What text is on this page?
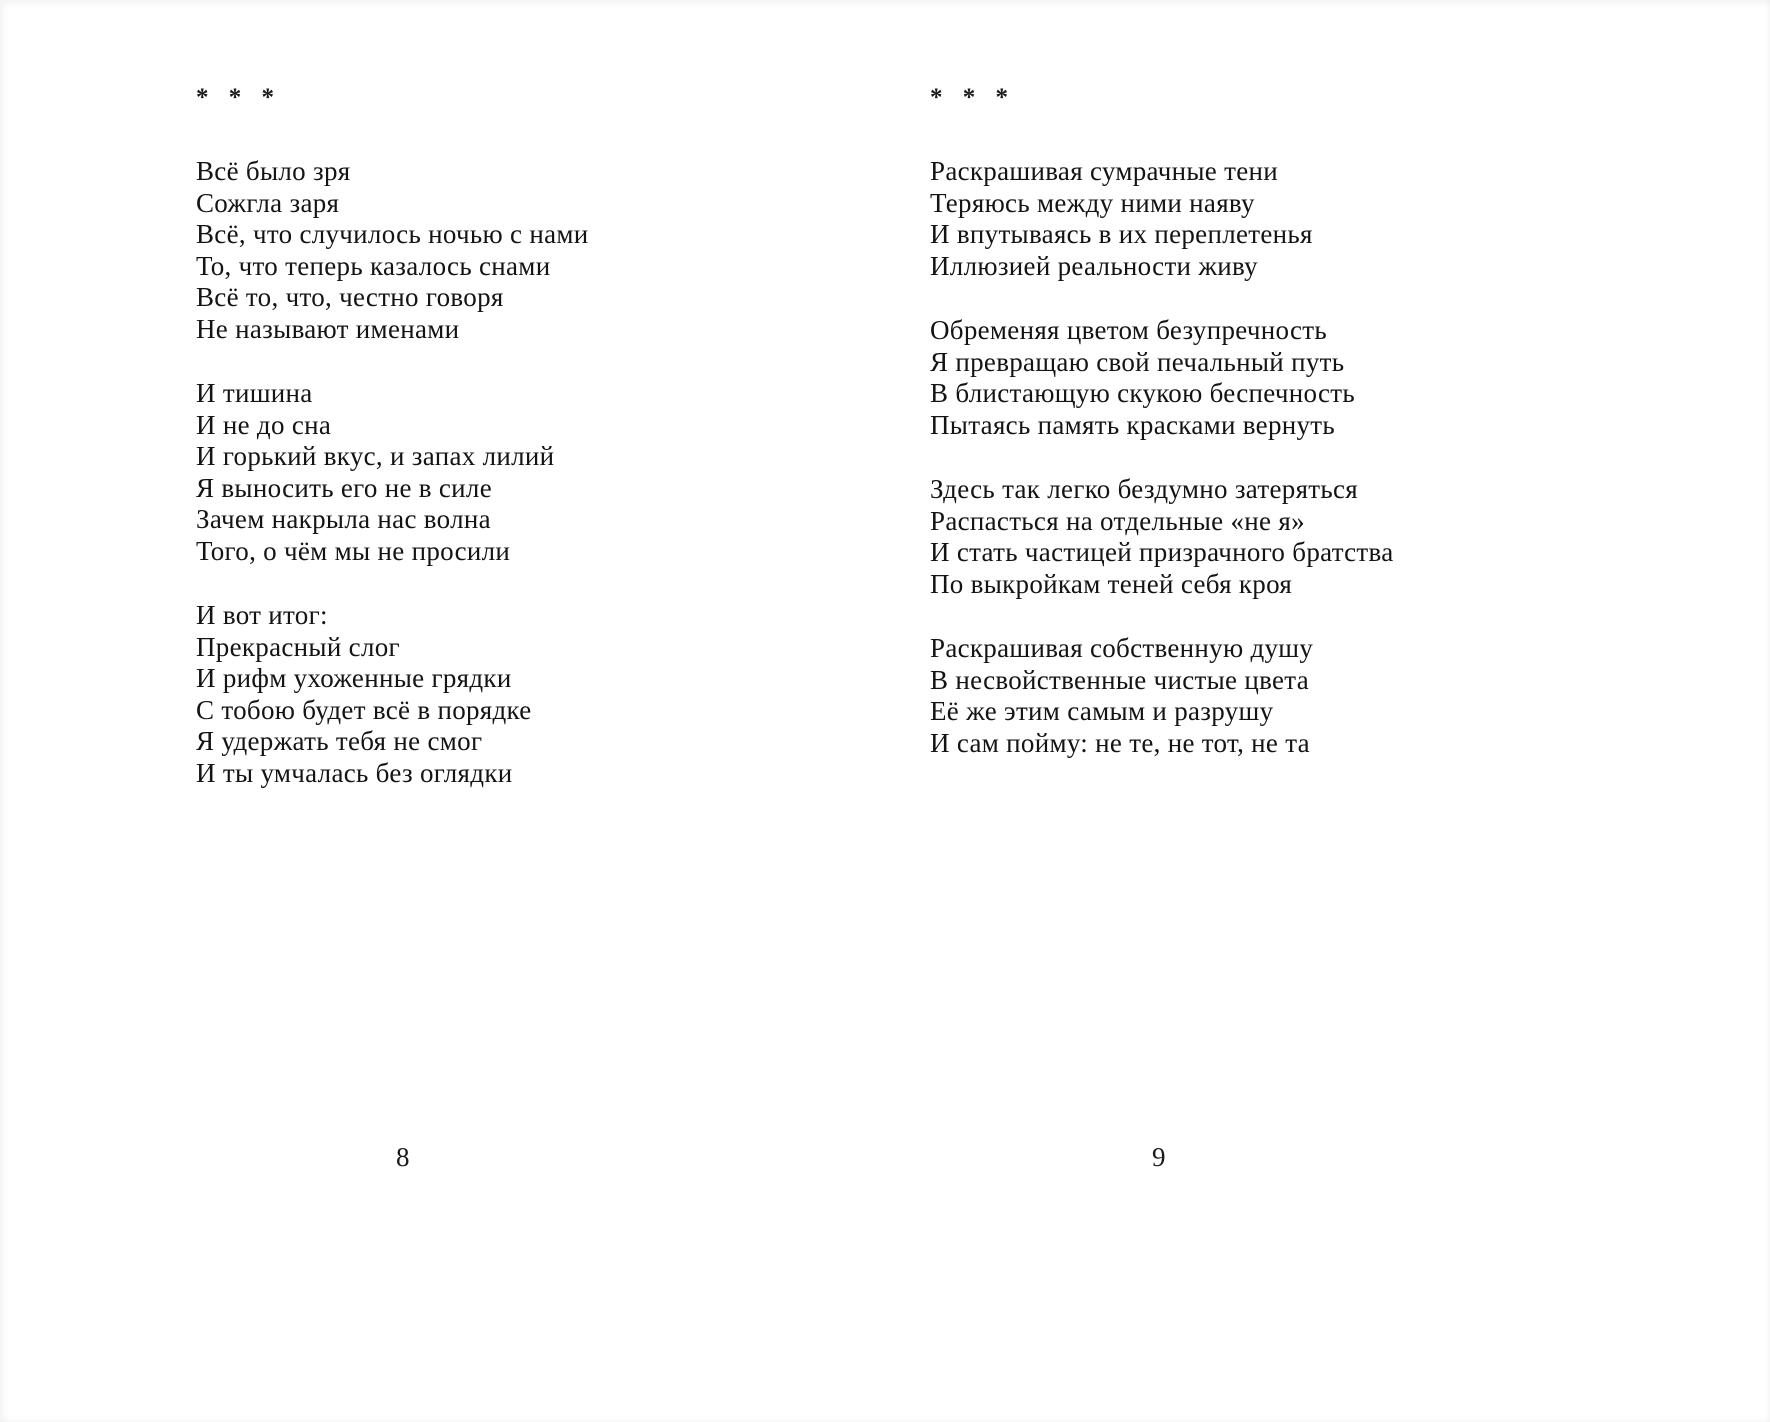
* * *
Всё было зря
Сожгла заря
Всё, что случилось ночью с нами
То, что теперь казалось снами
Всё то, что, честно говоря
Не называют именами
И тишина
И не до сна
И горький вкус, и запах лилий
Я выносить его не в силе
Зачем накрыла нас волна
Того, о чём мы не просили
И вот итог:
Прекрасный слог
И рифм ухоженные грядки
С тобою будет всё в порядке
Я удержать тебя не смог
И ты умчалась без оглядки
* * *
Раскрашивая сумрачные тени
Теряюсь между ними наяву
И впутываясь в их переплетенья
Иллюзией реальности живу
Обременяя цветом безупречность
Я превращаю свой печальный путь
В блистающую скукою беспечность
Пытаясь память красками вернуть
Здесь так легко бездумно затеряться
Распасться на отдельные «не я»
И стать частицей призрачного братства
По выкройкам теней себя кроя
Раскрашивая собственную душу
В несвойственные чистые цвета
Её же этим самым и разрушу
И сам пойму: не те, не тот, не та
8	9
